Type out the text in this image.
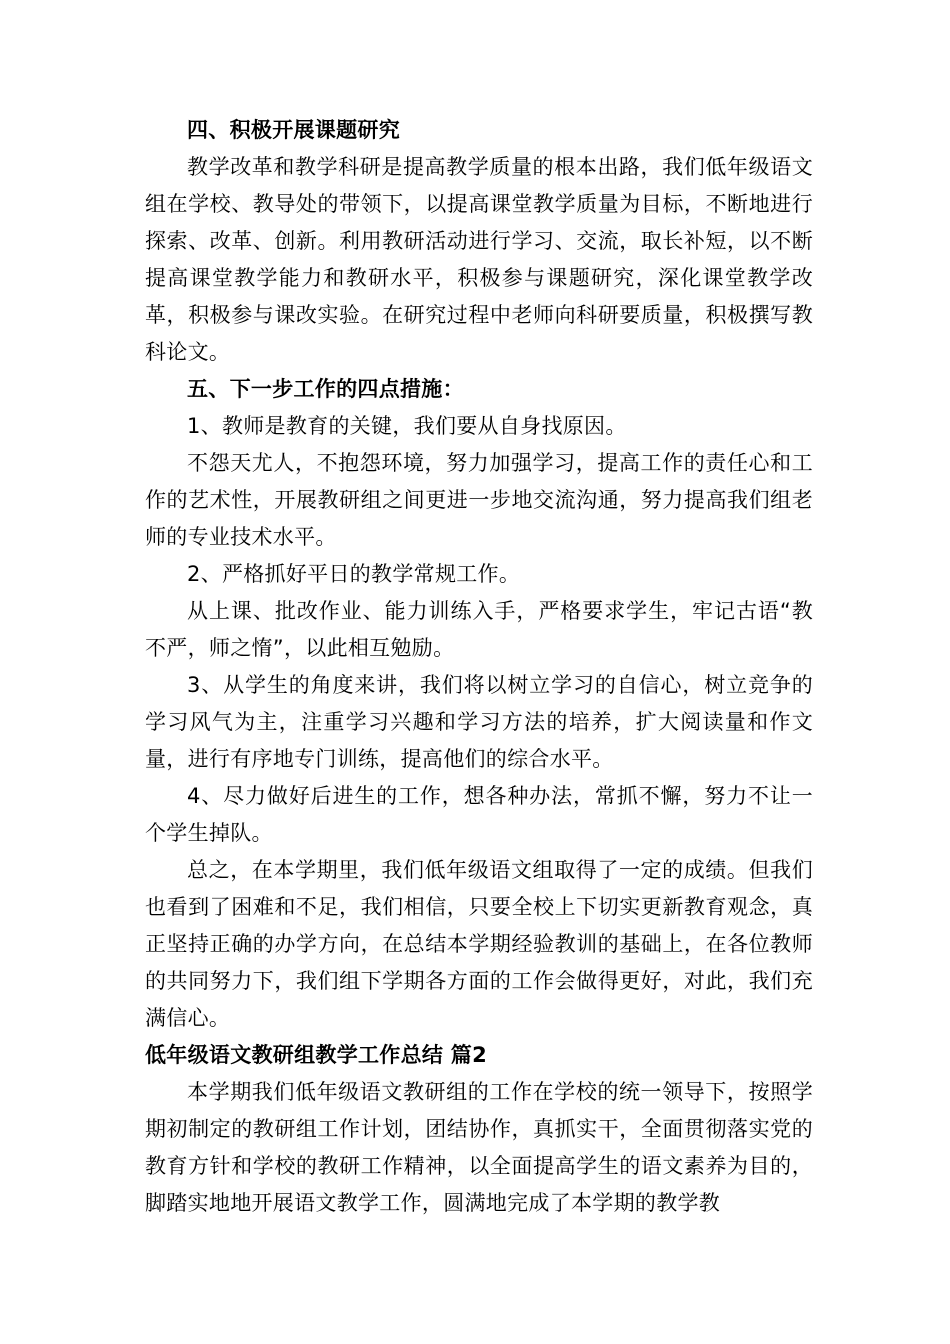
四、积极开展课题研究

教学改革和教学科研是提高教学质量的根本出路，我们低年级语文组在学校、教导处的带领下，以提高课堂教学质量为目标，不断地进行探索、改革、创新。利用教研活动进行学习、交流，取长补短，以不断提高课堂教学能力和教研水平，积极参与课题研究，深化课堂教学改革，积极参与课改实验。在研究过程中老师向科研要质量，积极撰写教科论文。

五、下一步工作的四点措施：

1、教师是教育的关键，我们要从自身找原因。

不怨天尤人，不抱怨环境，努力加强学习，提高工作的责任心和工作的艺术性，开展教研组之间更进一步地交流沟通，努力提高我们组老师的专业技术水平。

2、严格抓好平日的教学常规工作。

从上课、批改作业、能力训练入手，严格要求学生，牢记古语“教不严，师之惰”，以此相互勉励。

3、从学生的角度来讲，我们将以树立学习的自信心，树立竞争的学习风气为主，注重学习兴趣和学习方法的培养，扩大阅读量和作文量，进行有序地专门训练，提高他们的综合水平。

4、尽力做好后进生的工作，想各种办法，常抓不懈，努力不让一个学生掉队。

总之，在本学期里，我们低年级语文组取得了一定的成绩。但我们也看到了困难和不足，我们相信，只要全校上下切实更新教育观念，真正坚持正确的办学方向，在总结本学期经验教训的基础上，在各位教师的共同努力下，我们组下学期各方面的工作会做得更好，对此，我们充满信心。

低年级语文教研组教学工作总结 篇2

本学期我们低年级语文教研组的工作在学校的统一领导下，按照学期初制定的教研组工作计划，团结协作，真抓实干，全面贯彻落实党的教育方针和学校的教研工作精神，以全面提高学生的语文素养为目的，脚踏实地地开展语文教学工作，圆满地完成了本学期的教学教
